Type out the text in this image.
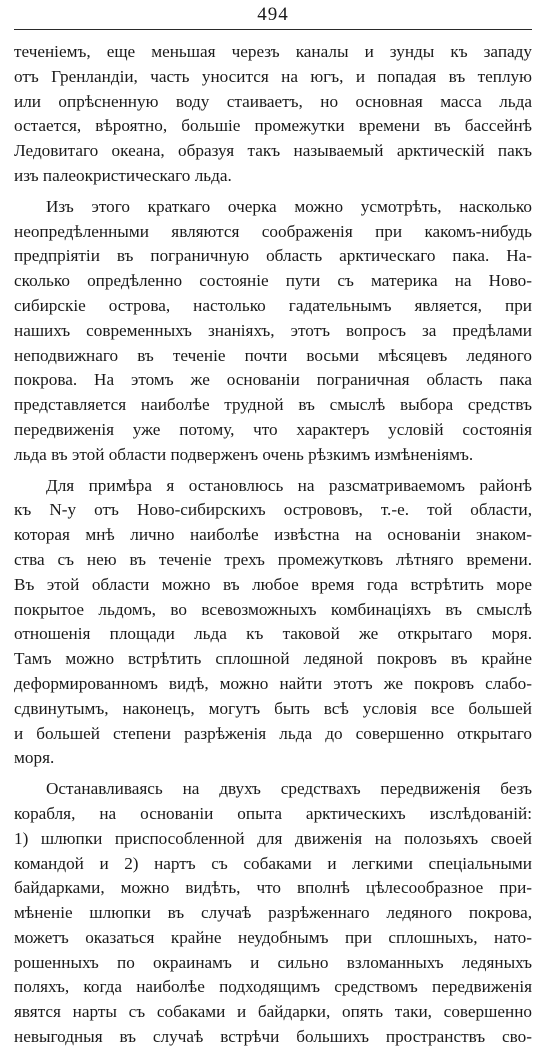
494
теченіемъ, еще меньшая черезъ каналы и зунды къ западу
отъ Гренландіи, часть уносится на югъ, и попадая въ теплую
или опрѣсненную воду стаиваетъ, но основная масса льда
остается, вѣроятно, большіе промежутки времени въ бассейнѣ
Ледовитаго океана, образуя такъ называемый арктическій пакъ
изъ палеокристическаго льда.
Изъ этого краткаго очерка можно усмотрѣть, насколько
неопредѣленными являются соображенія при какомъ-нибудь
предпріятіи въ пограничную область арктическаго пака. На-
сколько опредѣленно состояніе пути съ материка на Ново-
сибирскіе острова, настолько гадательнымъ является, при
нашихъ современныхъ знаніяхъ, этотъ вопросъ за предѣлами
неподвижнаго въ теченіе почти восьми мѣсяцевъ ледяного
покрова. На этомъ же основаніи пограничная область пака
представляется наиболѣе трудной въ смыслѣ выбора средствъ
передвиженія уже потому, что характеръ условій состоянія
льда въ этой области подверженъ очень рѣзкимъ измѣненіямъ.
Для примѣра я остановлюсь на разсматриваемомъ районѣ
къ N-у отъ Ново-сибирскихъ острововъ, т.-е. той области,
которая мнѣ лично наиболѣе извѣстна на основаніи знаком-
ства съ нею въ теченіе трехъ промежутковъ лѣтняго времени.
Въ этой области можно въ любое время года встрѣтить море
покрытое льдомъ, во всевозможныхъ комбинаціяхъ въ смыслѣ
отношенія площади льда къ таковой же открытаго моря.
Тамъ можно встрѣтить сплошной ледяной покровъ въ крайне
деформированномъ видѣ, можно найти этотъ же покровъ слабо-
сдвинутымъ, наконецъ, могутъ быть всѣ условія все большей
и большей степени разрѣженія льда до совершенно открытаго
моря.
Останавливаясь на двухъ средствахъ передвиженія безъ
корабля, на основаніи опыта арктическихъ изслѣдованій:
1) шлюпки приспособленной для движенія на полозьяхъ своей
командой и 2) нартъ съ собаками и легкими спеціальными
байдарками, можно видѣть, что вполнѣ цѣлесообразное при-
мѣненіе шлюпки въ случаѣ разрѣженнаго ледяного покрова,
можетъ оказаться крайне неудобнымъ при сплошныхъ, нато-
рошенныхъ по окраинамъ и сильно взломанныхъ ледяныхъ
поляхъ, когда наиболѣе подходящимъ средствомъ передвиженія
явятся нарты съ собаками и байдарки, опять таки, совершенно
невыгодныя въ случаѣ встрѣчи большихъ пространствъ сво-
